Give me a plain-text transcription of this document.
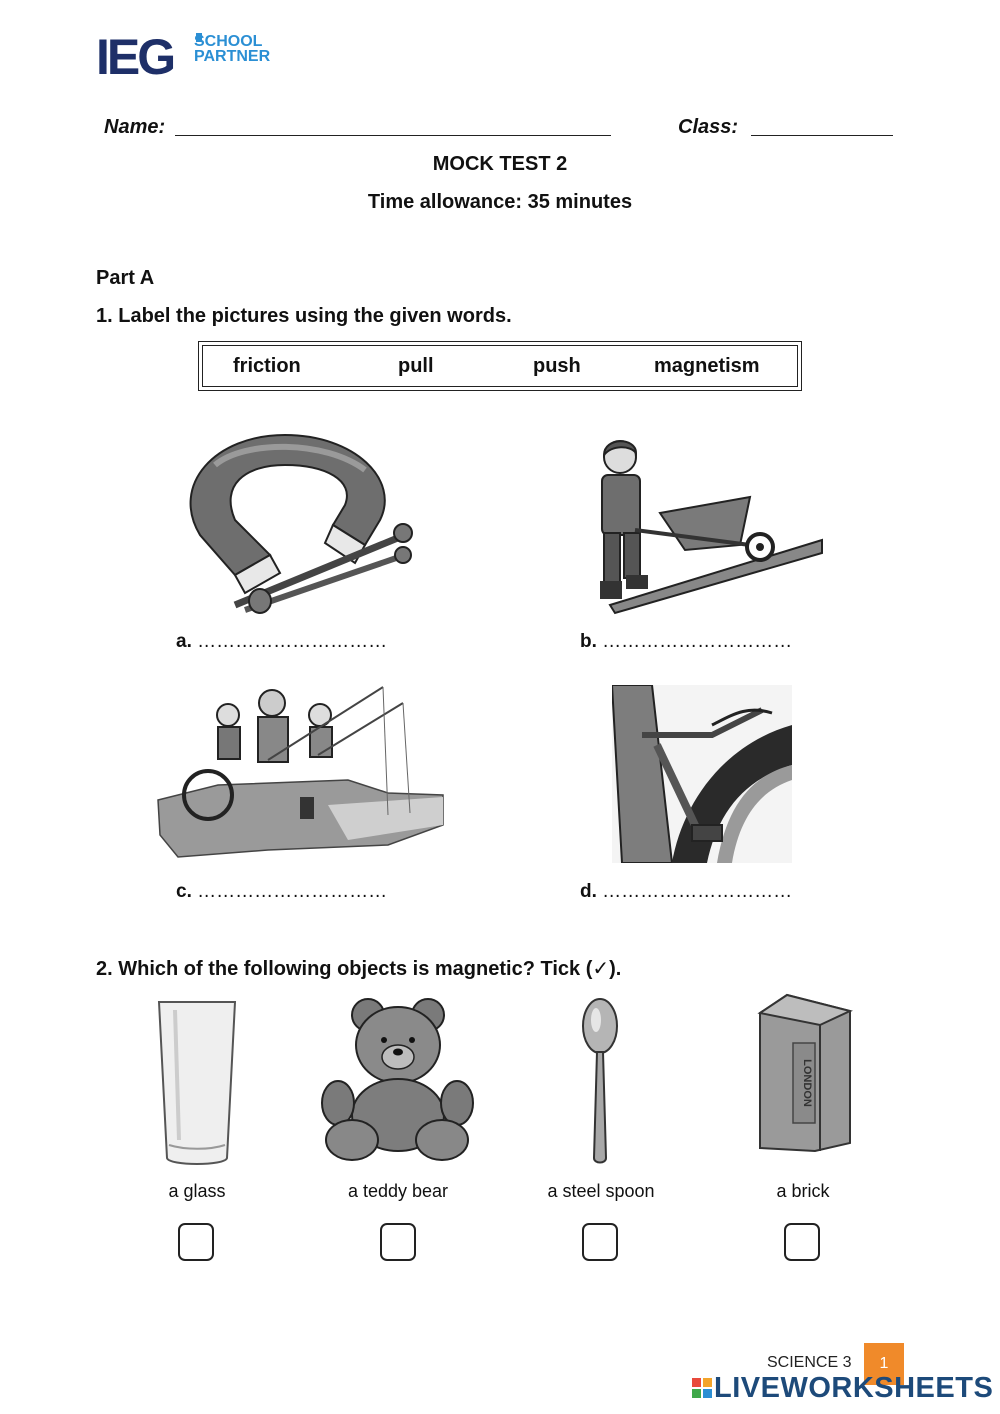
IEG SCHOOL
PARTNER
Name:	Class:
MOCK TEST 2
Time allowance: 35 minutes
Part A
1. Label the pictures using the given words.
friction	pull	push	magnetism
a. …………………………	b. …………………………
c. …………………………	d. …………………………
2. Which of the following objects is magnetic? Tick (✓).
LONDON
a glass	a teddy bear	a steel spoon	a brick
SCIENCE 3	1
LIVEWORKSHEETS
